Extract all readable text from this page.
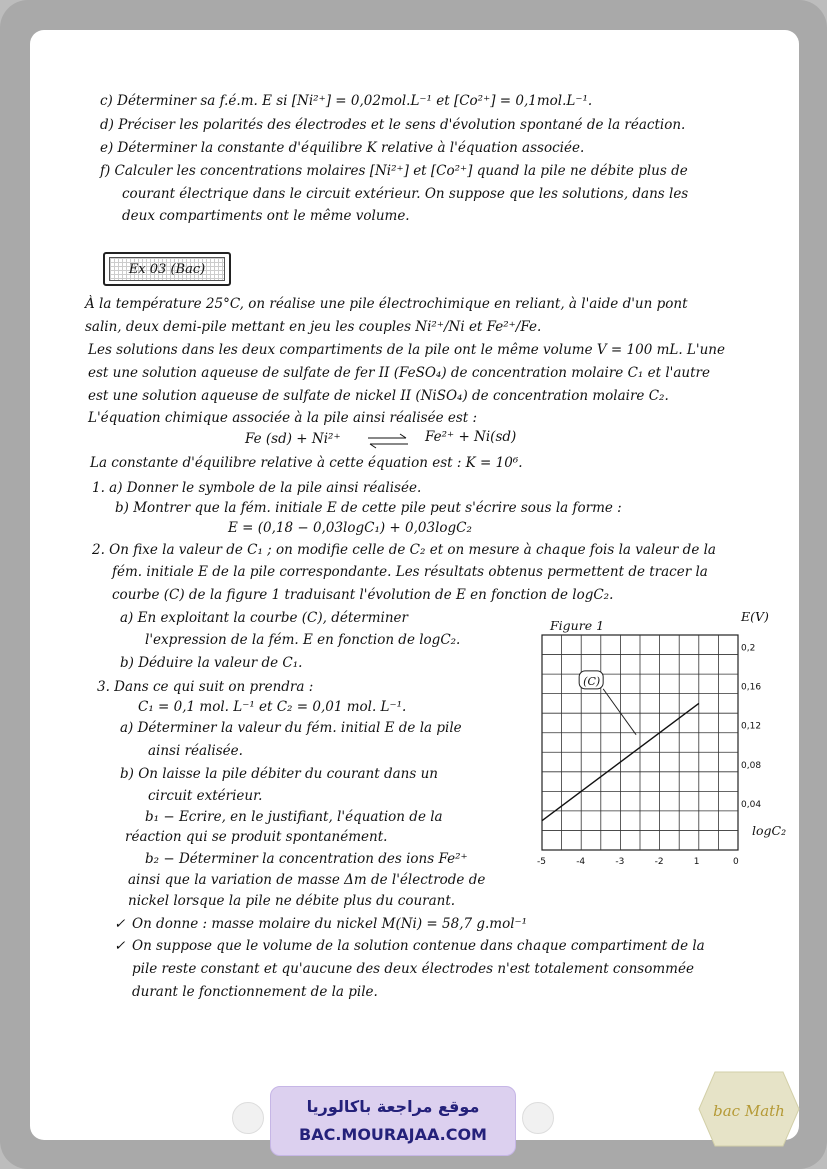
c) Déterminer sa f.é.m. E si [Ni²⁺] = 0,02mol.L⁻¹ et [Co²⁺] = 0,1mol.L⁻¹.
d) Préciser les polarités des électrodes et le sens d'évolution spontané de la réaction.
e) Déterminer la constante d'équilibre K relative à l'équation associée.
f) Calculer les concentrations molaires [Ni²⁺] et [Co²⁺] quand la pile ne débite plus de
courant électrique dans le circuit extérieur. On suppose que les solutions, dans les
deux compartiments ont le même volume.
Ex 03 (Bac)
À la température 25°C, on réalise une pile électrochimique en reliant, à l'aide d'un pont
salin, deux demi-pile mettant en jeu les couples Ni²⁺/Ni et Fe²⁺/Fe.
Les solutions dans les deux compartiments de la pile ont le même volume V = 100 mL. L'une
est une solution aqueuse de sulfate de fer II (FeSO₄) de concentration molaire C₁ et l'autre
est une solution aqueuse de sulfate de nickel II (NiSO₄) de concentration molaire C₂.
L'équation chimique associée à la pile ainsi réalisée est :
Fe (sd) + Ni²⁺ ⇌ Fe²⁺ + Ni(sd)
La constante d'équilibre relative à cette équation est : K = 10⁶.
1. a) Donner le symbole de la pile ainsi réalisée.
b) Montrer que la fém. initiale E de cette pile peut s'écrire sous la forme :
E = (0,18 − 0,03logC₁) + 0,03logC₂
2. On fixe la valeur de C₁ ; on modifie celle de C₂ et on mesure à chaque fois la valeur de la
fém. initiale E de la pile correspondante. Les résultats obtenus permettent de tracer la
courbe (C) de la figure 1 traduisant l'évolution de E en fonction de logC₂.
a) En exploitant la courbe (C), déterminer
l'expression de la fém. E en fonction de logC₂.
b) Déduire la valeur de C₁.
3. Dans ce qui suit on prendra :
C₁ = 0,1 mol. L⁻¹ et C₂ = 0,01 mol. L⁻¹.
a) Déterminer la valeur du fém. initial E de la pile
ainsi réalisée.
b) On laisse la pile débiter du courant dans un
circuit extérieur.
b₁ − Ecrire, en le justifiant, l'équation de la
réaction qui se produit spontanément.
b₂ − Déterminer la concentration des ions Fe²⁺
ainsi que la variation de masse Δm de l'électrode de
nickel lorsque la pile ne débite plus du courant.
✓ On donne : masse molaire du nickel M(Ni) = 58,7 g.mol⁻¹
✓ On suppose que le volume de la solution contenue dans chaque compartiment de la
pile reste constant et qu'aucune des deux électrodes n'est totalement consommée
durant le fonctionnement de la pile.
Figure 1
E(V)
logC₂
0,04
0,08
0,12
0,16
0,2
-5	-4	-3	-2	1	0
(C)
موقع مراجعة باكالوريا
BAC.MOURAJAA.COM
bac Math
